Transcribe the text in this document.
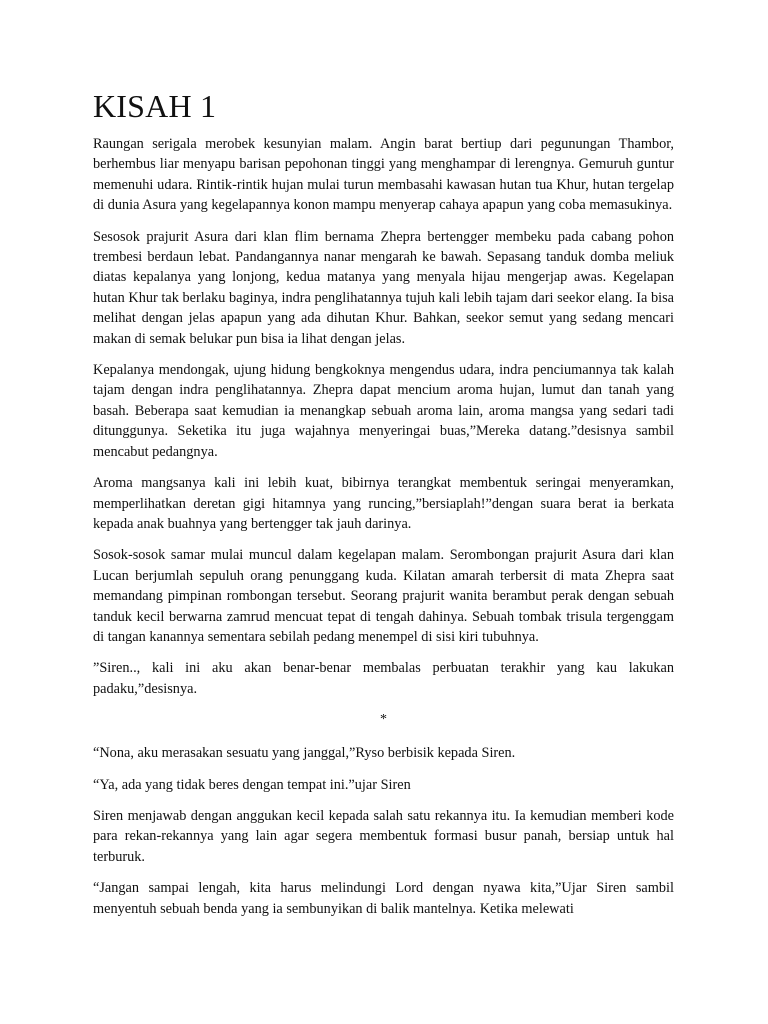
KISAH 1

Raungan serigala merobek kesunyian malam. Angin barat bertiup dari pegunungan Thambor, berhembus liar menyapu barisan pepohonan tinggi yang menghampar di lerengnya. Gemuruh guntur memenuhi udara. Rintik-rintik hujan mulai turun membasahi kawasan hutan tua Khur, hutan tergelap di dunia Asura yang kegelapannya konon mampu menyerap cahaya apapun yang coba memasukinya.

Sesosok prajurit Asura dari klan flim bernama Zhepra bertengger membeku pada cabang pohon trembesi berdaun lebat. Pandangannya nanar mengarah ke bawah. Sepasang tanduk domba meliuk diatas kepalanya yang lonjong, kedua matanya yang menyala hijau mengerjap awas. Kegelapan hutan Khur tak berlaku baginya, indra penglihatannya tujuh kali lebih tajam dari seekor elang. Ia bisa melihat dengan jelas apapun yang ada dihutan Khur. Bahkan, seekor semut yang sedang mencari makan di semak belukar pun bisa ia lihat dengan jelas.

Kepalanya mendongak, ujung hidung bengkoknya mengendus udara, indra penciumannya tak kalah tajam dengan indra penglihatannya. Zhepra dapat mencium aroma hujan, lumut dan tanah yang basah. Beberapa saat kemudian ia menangkap sebuah aroma lain, aroma mangsa yang sedari tadi ditunggunya. Seketika itu juga wajahnya menyeringai buas,”Mereka datang.”desisnya sambil mencabut pedangnya.

Aroma mangsanya kali ini lebih kuat, bibirnya terangkat membentuk seringai menyeramkan, memperlihatkan deretan gigi hitamnya yang runcing,”bersiaplah!”dengan suara berat ia berkata kepada anak buahnya yang bertengger tak jauh darinya.

Sosok-sosok samar mulai muncul dalam kegelapan malam. Serombongan prajurit Asura dari klan Lucan berjumlah sepuluh orang penunggang kuda. Kilatan amarah terbersit di mata Zhepra saat memandang pimpinan rombongan tersebut. Seorang prajurit wanita berambut perak dengan sebuah tanduk kecil berwarna zamrud mencuat tepat di tengah dahinya. Sebuah tombak trisula tergenggam di tangan kanannya sementara sebilah pedang menempel di sisi kiri tubuhnya.

”Siren.., kali ini aku akan benar-benar membalas perbuatan terakhir yang kau lakukan padaku,”desisnya.

*

“Nona, aku merasakan sesuatu yang janggal,”Ryso berbisik kepada Siren.

“Ya, ada yang tidak beres dengan tempat ini.”ujar Siren

Siren menjawab dengan anggukan kecil kepada salah satu rekannya itu. Ia kemudian memberi kode para rekan-rekannya yang lain agar segera membentuk formasi busur panah, bersiap untuk hal terburuk.

“Jangan sampai lengah, kita harus melindungi Lord dengan nyawa kita,”Ujar Siren sambil menyentuh sebuah benda yang ia sembunyikan di balik mantelnya. Ketika melewati
